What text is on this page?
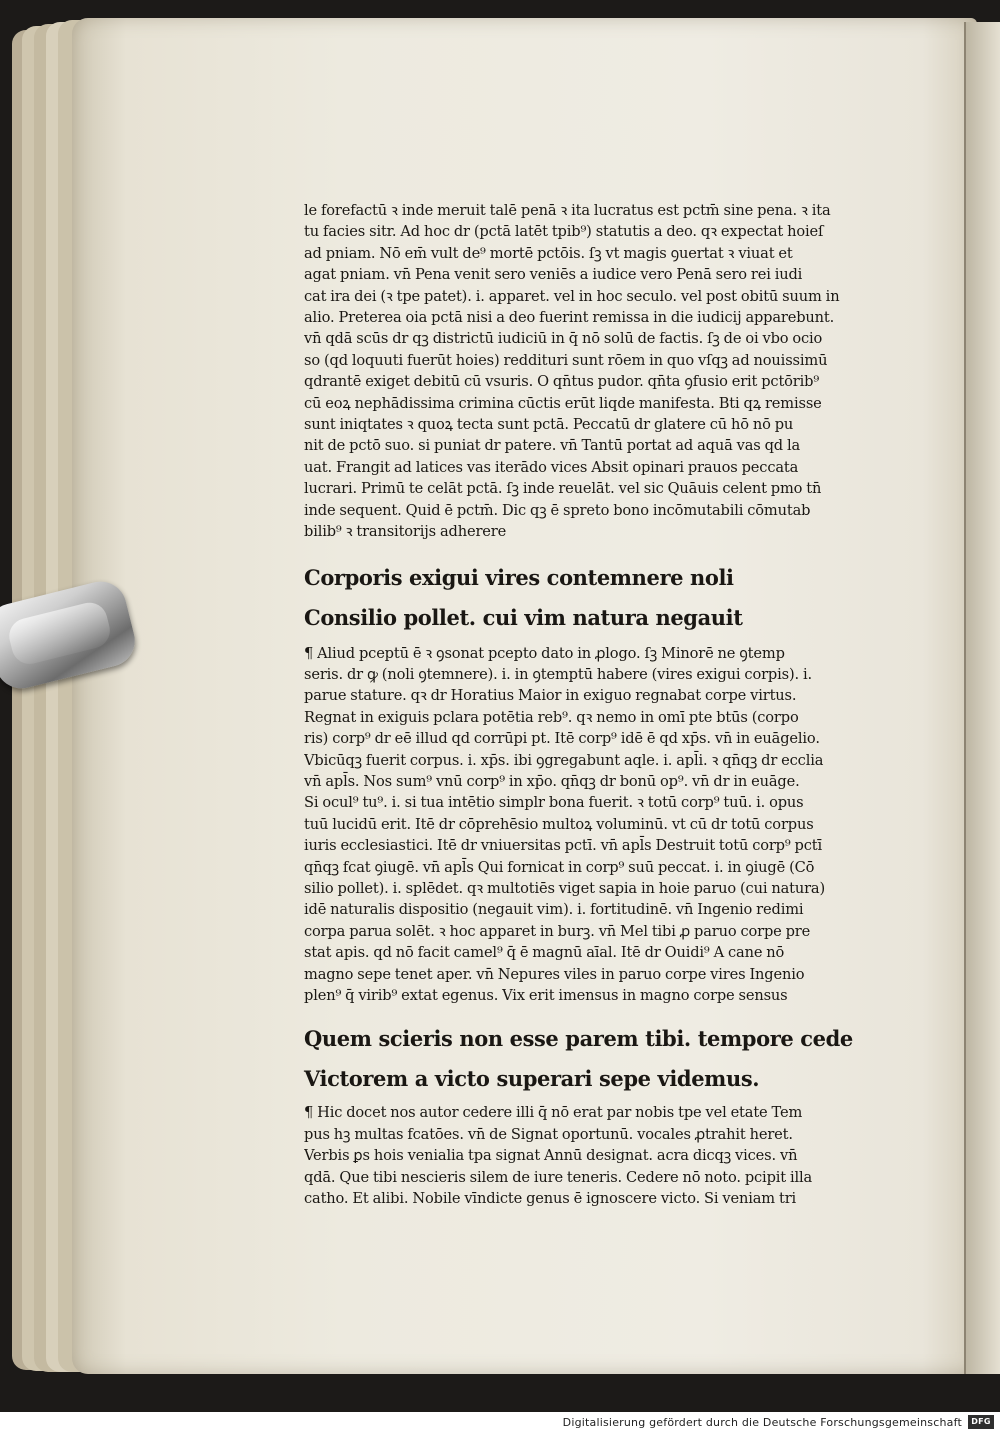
le forefactū ꝛ inde meruit talē penā ꝛ ita lucratus est pctm̄ sine pena. ꝛ ita
tu facies sitr. Ad hoc dr (pctā latēt tpib⁹) statutis a deo. qꝛ expectat hoieſ
ad pniam. Nō em̄ vult de⁹ mortē pctōis. ſꝫ vt magis ꝯuertat ꝛ viuat et
agat pniam. vn̄ Pena venit sero veniēs a iudice vero Penā sero rei iudi
cat ira dei (ꝛ tpe patet). i. apparet. vel in hoc seculo. vel post obitū suum in
alio. Preterea oia pctā nisi a deo fuerint remissa in die iudicij apparebunt.
vn̄ qdā scūs dr qꝫ districtū iudiciū in q̄ nō solū de factis. ſꝫ de oi vbo ocio
so (qd loquuti fuerūt hoies) reddituri sunt rōem in quo vſqꝫ ad nouissimū
qdrantē exiget debitū cū vsuris. O qn̄tus pudor. qn̄ta ꝯfusio erit pctōrib⁹
cū eoꝝ nephādissima crimina cūctis erūt liqde manifesta. Bti qꝝ remisse
sunt iniqtates ꝛ quoꝝ tecta sunt pctā. Peccatū dr glatere cū hō nō pu
nit de pctō suo. si puniat dr patere. vn̄ Tantū portat ad aquā vas qd la
uat. Frangit ad latices vas iterādo vices Absit opinari prauos peccata
lucrari. Primū te celāt pctā. ſꝫ inde reuelāt. vel sic Quāuis celent pmo tn̄
inde sequent. Quid ē pctm̄. Dic qꝫ ē spreto bono incōmutabili cōmutab
bilib⁹ ꝛ transitorijs adherere

Corporis exigui vires contemnere noli

Consilio pollet. cui vim natura negauit

¶ Aliud pceptū ē ꝛ ꝯsonat pcepto dato in ꝓlogo. ſꝫ Minorē ne ꝯtemp
seris. dr ꝙ (noli ꝯtemnere). i. in ꝯtemptū habere (vires exigui corpis). i.
parue stature. qꝛ dr Horatius Maior in exiguo regnabat corpe virtus.
Regnat in exiguis pclara potētia reb⁹. qꝛ nemo in omī pte btūs (corpo
ris) corp⁹ dr eē illud qd corrūpi pt. Itē corp⁹ idē ē qd xp̄s. vn̄ in euāgelio.
Vbicūqꝫ fuerit corpus. i. xp̄s. ibi ꝯgregabunt aqle. i. apl̄i. ꝛ qn̄qꝫ dr ecclia
vn̄ apl̄s. Nos sum⁹ vnū corp⁹ in xp̄o. qn̄qꝫ dr bonū op⁹. vn̄ dr in euāge.
Si ocul⁹ tu⁹. i. si tua intētio simplr bona fuerit. ꝛ totū corp⁹ tuū. i. opus
tuū lucidū erit. Itē dr cōprehēsio multoꝝ voluminū. vt cū dr totū corpus
iuris ecclesiastici. Itē dr vniuersitas pctī. vn̄ apl̄s Destruit totū corp⁹ pctī
qn̄qꝫ fcat ꝯiugē. vn̄ apl̄s Qui fornicat in corp⁹ suū peccat. i. in ꝯiugē (Cō
silio pollet). i. splēdet. qꝛ multotiēs viget sapia in hoie paruo (cui natura)
idē naturalis dispositio (negauit vim). i. fortitudinē. vn̄ Ingenio redimi
corpa parua solēt. ꝛ hoc apparet in burꝫ. vn̄ Mel tibi ꝓ paruo corpe pre
stat apis. qd nō facit camel⁹ q̄ ē magnū aīal. Itē dr Ouidi⁹ A cane nō
magno sepe tenet aper. vn̄ Nepures viles in paruo corpe vires Ingenio
plen⁹ q̄ virib⁹ extat egenus. Vix erit imensus in magno corpe sensus

Quem scieris non esse parem tibi. tempore cede

Victorem a victo superari sepe videmus.

¶ Hic docet nos autor cedere illi q̄ nō erat par nobis tpe vel etate Tem
pus hꝫ multas fcatōes. vn̄ de Signat oportunū. vocales ꝓtrahit heret.
Verbis ꝑs hois venialia tpa signat Annū designat. acra dicqꝫ vices. vn̄
qdā. Que tibi nescieris silem de iure teneris. Cedere nō noto. pcipit illa
catho. Et alibi. Nobile vīndicte genus ē ignoscere victo. Si veniam tri

Digitalisierung gefördert durch die Deutsche Forschungsgemeinschaft	DFG
